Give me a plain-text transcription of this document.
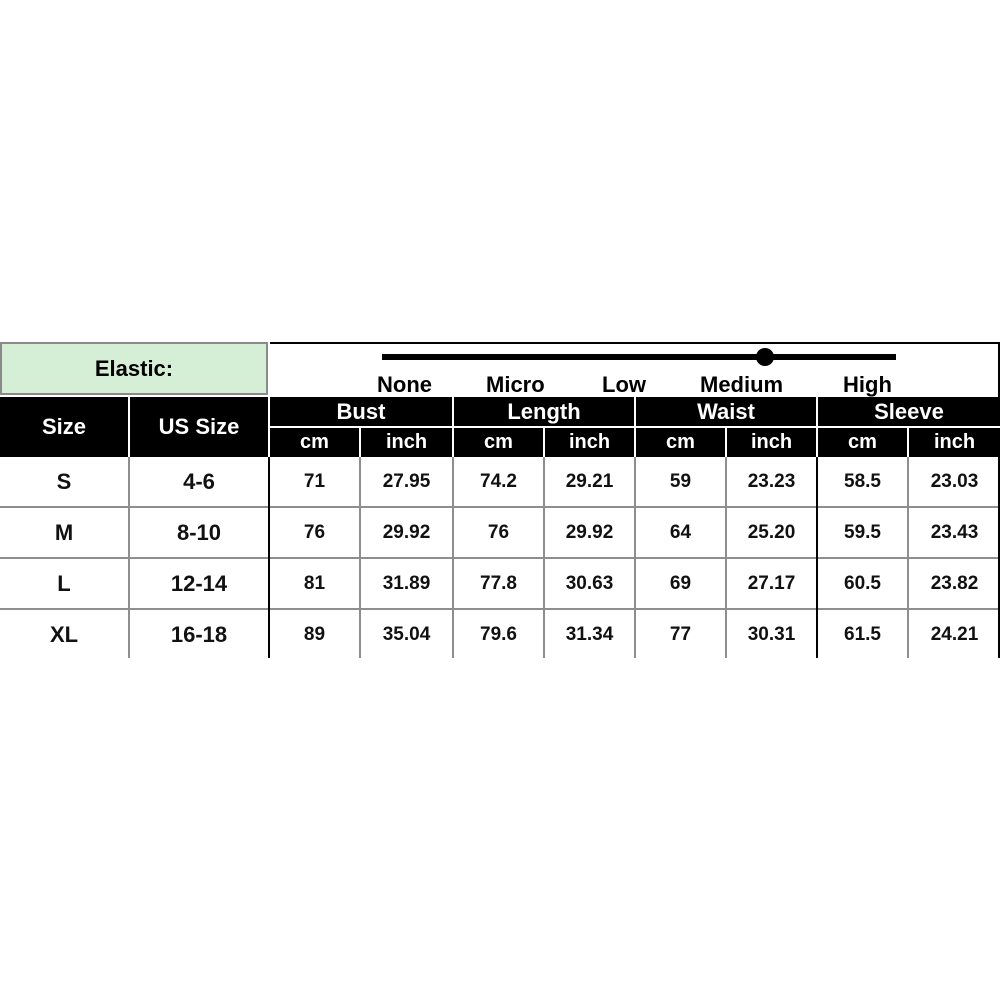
Elastic:
None Micro	Low Medium	High
Size	US Size
Bust	Length	Waist	Sleeve
cm	inch	cm	inch	cm	inch	cm	inch
S	4-6	71	27.95	74.2	29.21	59	23.23	58.5	23.03
M	8-10	76	29.92	76	29.92	64	25.20	59.5	23.43
L	12-14	81	31.89	77.8	30.63	69	27.17	60.5	23.82
XL	16-18	89	35.04	79.6	31.34	77	30.31	61.5	24.21
